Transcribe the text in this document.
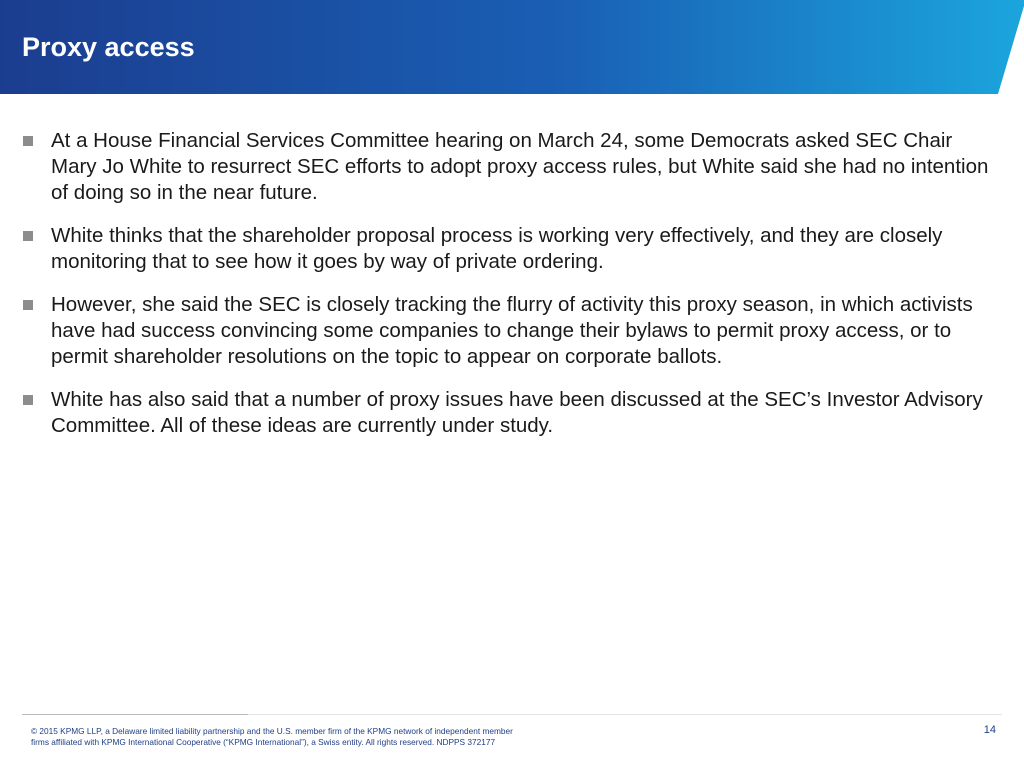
Proxy access
At a House Financial Services Committee hearing on March 24, some Democrats asked SEC Chair Mary Jo White to resurrect SEC efforts to adopt proxy access rules, but White said she had no intention of doing so in the near future.
White thinks that the shareholder proposal process is working very effectively, and they are closely monitoring that to see how it goes by way of private ordering.
However, she said the SEC is closely tracking the flurry of activity this proxy season, in which activists have had success convincing some companies to change their bylaws to permit proxy access, or to permit shareholder resolutions on the topic to appear on corporate ballots.
White has also said that a number of proxy issues have been discussed at the SEC’s Investor Advisory Committee. All of these ideas are currently under study.

© 2015 KPMG LLP, a Delaware limited liability partnership and the U.S. member firm of the KPMG network of independent member
firms affiliated with KPMG International Cooperative (“KPMG International”), a Swiss entity. All rights reserved. NDPPS 372177

14
